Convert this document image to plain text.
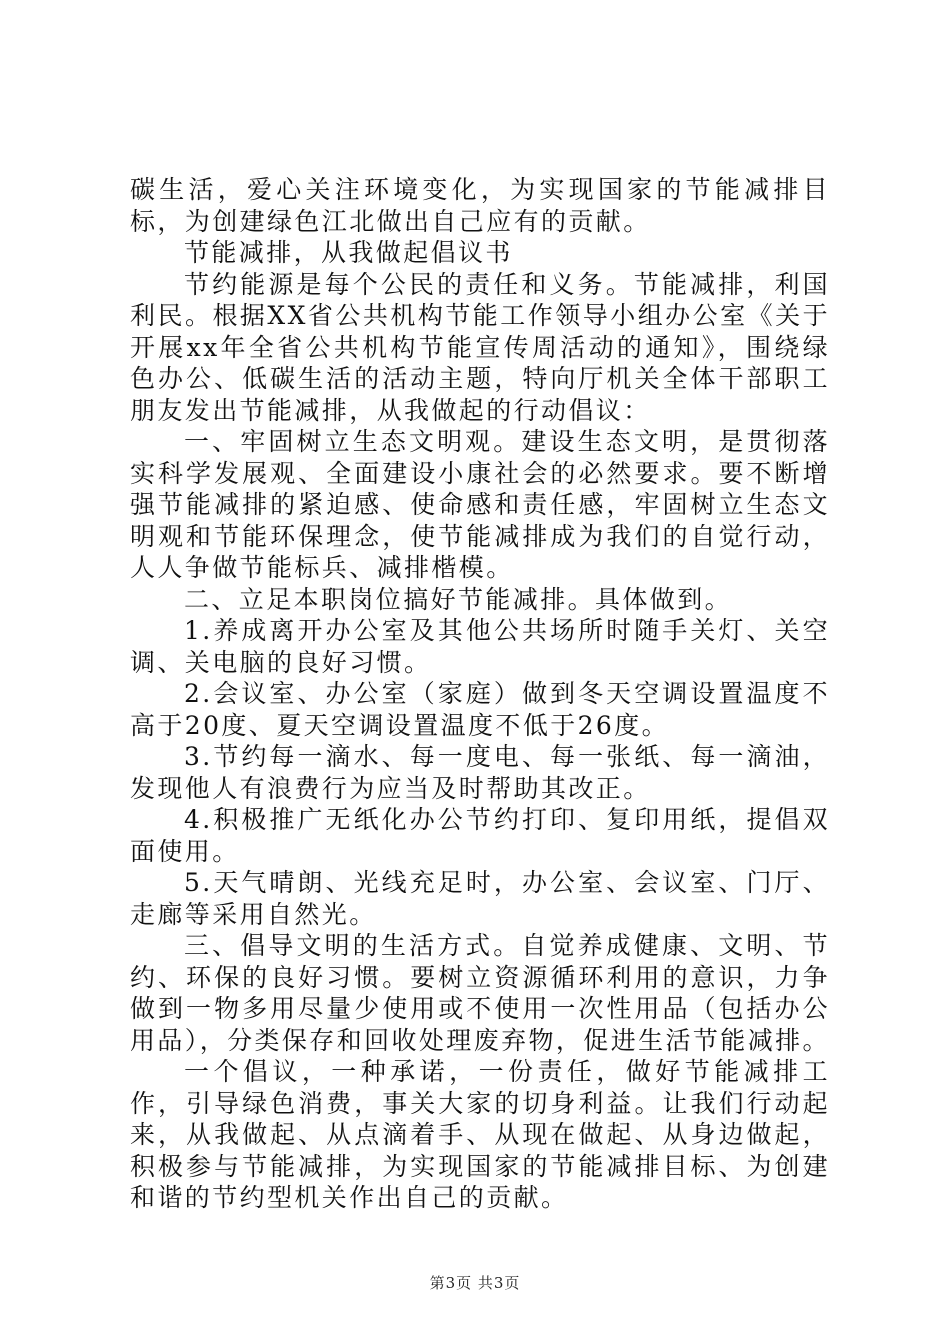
碳生活，爱心关注环境变化，为实现国家的节能减排目标，为创建绿色江北做出自己应有的贡献。

节能减排，从我做起倡议书

节约能源是每个公民的责任和义务。节能减排，利国利民。根据XX省公共机构节能工作领导小组办公室《关于开展xx年全省公共机构节能宣传周活动的通知》，围绕绿色办公、低碳生活的活动主题，特向厅机关全体干部职工朋友发出节能减排，从我做起的行动倡议：

一、牢固树立生态文明观。建设生态文明，是贯彻落实科学发展观、全面建设小康社会的必然要求。要不断增强节能减排的紧迫感、使命感和责任感，牢固树立生态文明观和节能环保理念，使节能减排成为我们的自觉行动，人人争做节能标兵、减排楷模。

二、立足本职岗位搞好节能减排。具体做到。

1.养成离开办公室及其他公共场所时随手关灯、关空调、关电脑的良好习惯。

2.会议室、办公室（家庭）做到冬天空调设置温度不高于20度、夏天空调设置温度不低于26度。

3.节约每一滴水、每一度电、每一张纸、每一滴油，发现他人有浪费行为应当及时帮助其改正。

4.积极推广无纸化办公节约打印、复印用纸，提倡双面使用。

5.天气晴朗、光线充足时，办公室、会议室、门厅、走廊等采用自然光。

三、倡导文明的生活方式。自觉养成健康、文明、节约、环保的良好习惯。要树立资源循环利用的意识，力争做到一物多用尽量少使用或不使用一次性用品（包括办公用品），分类保存和回收处理废弃物，促进生活节能减排。

一个倡议，一种承诺，一份责任，做好节能减排工作，引导绿色消费，事关大家的切身利益。让我们行动起来，从我做起、从点滴着手、从现在做起、从身边做起，积极参与节能减排，为实现国家的节能减排目标、为创建和谐的节约型机关作出自己的贡献。

第3页 共3页
